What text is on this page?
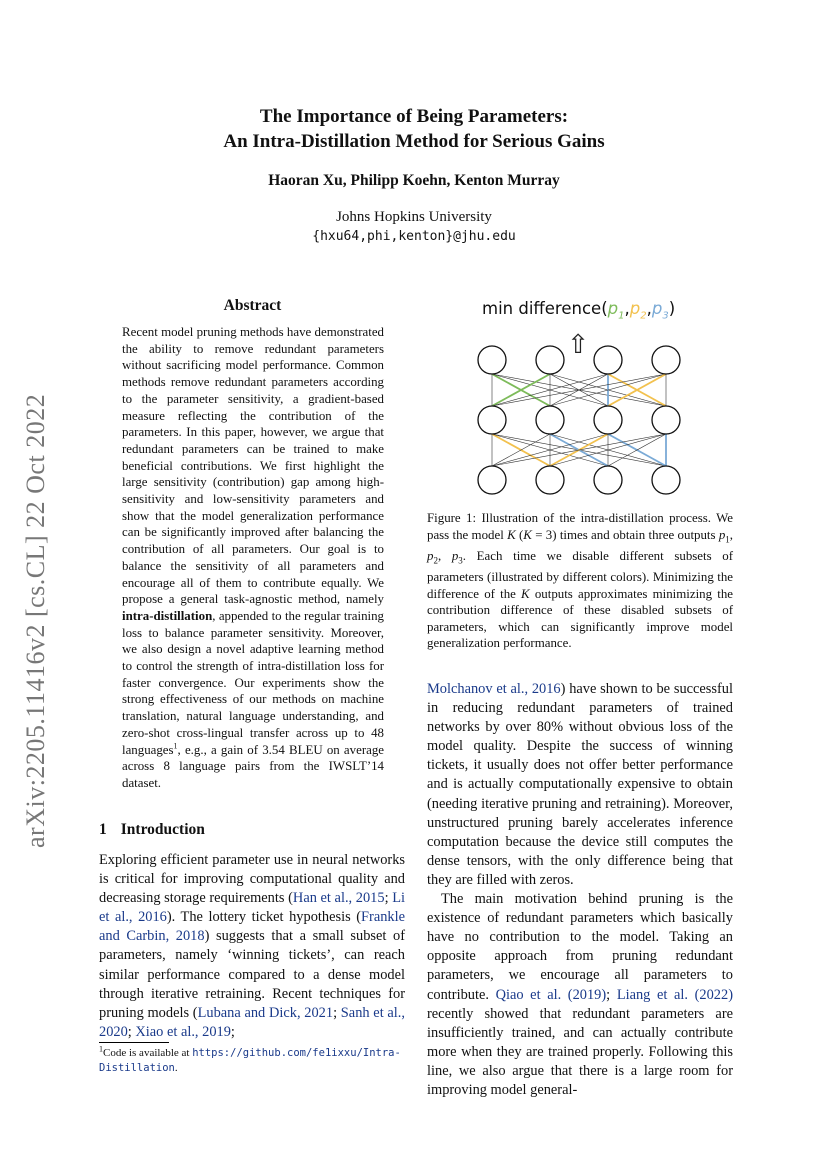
arXiv:2205.11416v2 [cs.CL] 22 Oct 2022
The Importance of Being Parameters:
An Intra-Distillation Method for Serious Gains
Haoran Xu, Philipp Koehn, Kenton Murray
Johns Hopkins University
{hxu64,phi,kenton}@jhu.edu
Abstract

Recent model pruning methods have demonstrated the ability to remove redundant parameters without sacrificing model performance. Common methods remove redundant parameters according to the parameter sensitivity, a gradient-based measure reflecting the contribution of the parameters. In this paper, however, we argue that redundant parameters can be trained to make beneficial contributions. We first highlight the large sensitivity (contribution) gap among high-sensitivity and low-sensitivity parameters and show that the model generalization performance can be significantly improved after balancing the contribution of all parameters. Our goal is to balance the sensitivity of all parameters and encourage all of them to contribute equally. We propose a general task-agnostic method, namely intra-distillation, appended to the regular training loss to balance parameter sensitivity. Moreover, we also design a novel adaptive learning method to control the strength of intra-distillation loss for faster convergence. Our experiments show the strong effectiveness of our methods on machine translation, natural language understanding, and zero-shot cross-lingual transfer across up to 48 languages$^1$, e.g., a gain of 3.54 BLEU on average across 8 language pairs from the IWSLT’14 dataset.

1 Introduction

Exploring efficient parameter use in neural networks is critical for improving computational quality and decreasing storage requirements (Han et al., 2015; Li et al., 2016). The lottery ticket hypothesis (Frankle and Carbin, 2018) suggests that a small subset of parameters, namely ‘winning tickets’, can reach similar performance compared to a dense model through iterative retraining. Recent techniques for pruning models (Lubana and Dick, 2021; Sanh et al., 2020; Xiao et al., 2019;

$^1$Code is available at https://github.com/fe1ixxu/Intra-Distillation.
$\min difference(p_1,p_2,p_3)$
⇧

Figure 1: Illustration of the intra-distillation process. We pass the model K (K = 3) times and obtain three outputs $p_1$, $p_2$, $p_3$. Each time we disable different subsets of parameters (illustrated by different colors). Minimizing the difference of the K outputs approximates minimizing the contribution difference of these disabled subsets of parameters, which can significantly improve model generalization performance.

Molchanov et al., 2016) have shown to be successful in reducing redundant parameters of trained networks by over 80% without obvious loss of the model quality. Despite the success of winning tickets, it usually does not offer better performance and is actually computationally expensive to obtain (needing iterative pruning and retraining). Moreover, unstructured pruning barely accelerates inference computation because the device still computes the dense tensors, with the only difference being that they are filled with zeros.

The main motivation behind pruning is the existence of redundant parameters which basically have no contribution to the model. Taking an opposite approach from pruning redundant parameters, we encourage all parameters to contribute. Qiao et al. (2019); Liang et al. (2022) recently showed that redundant parameters are insufficiently trained, and can actually contribute more when they are trained properly. Following this line, we also argue that there is a large room for improving model general-
